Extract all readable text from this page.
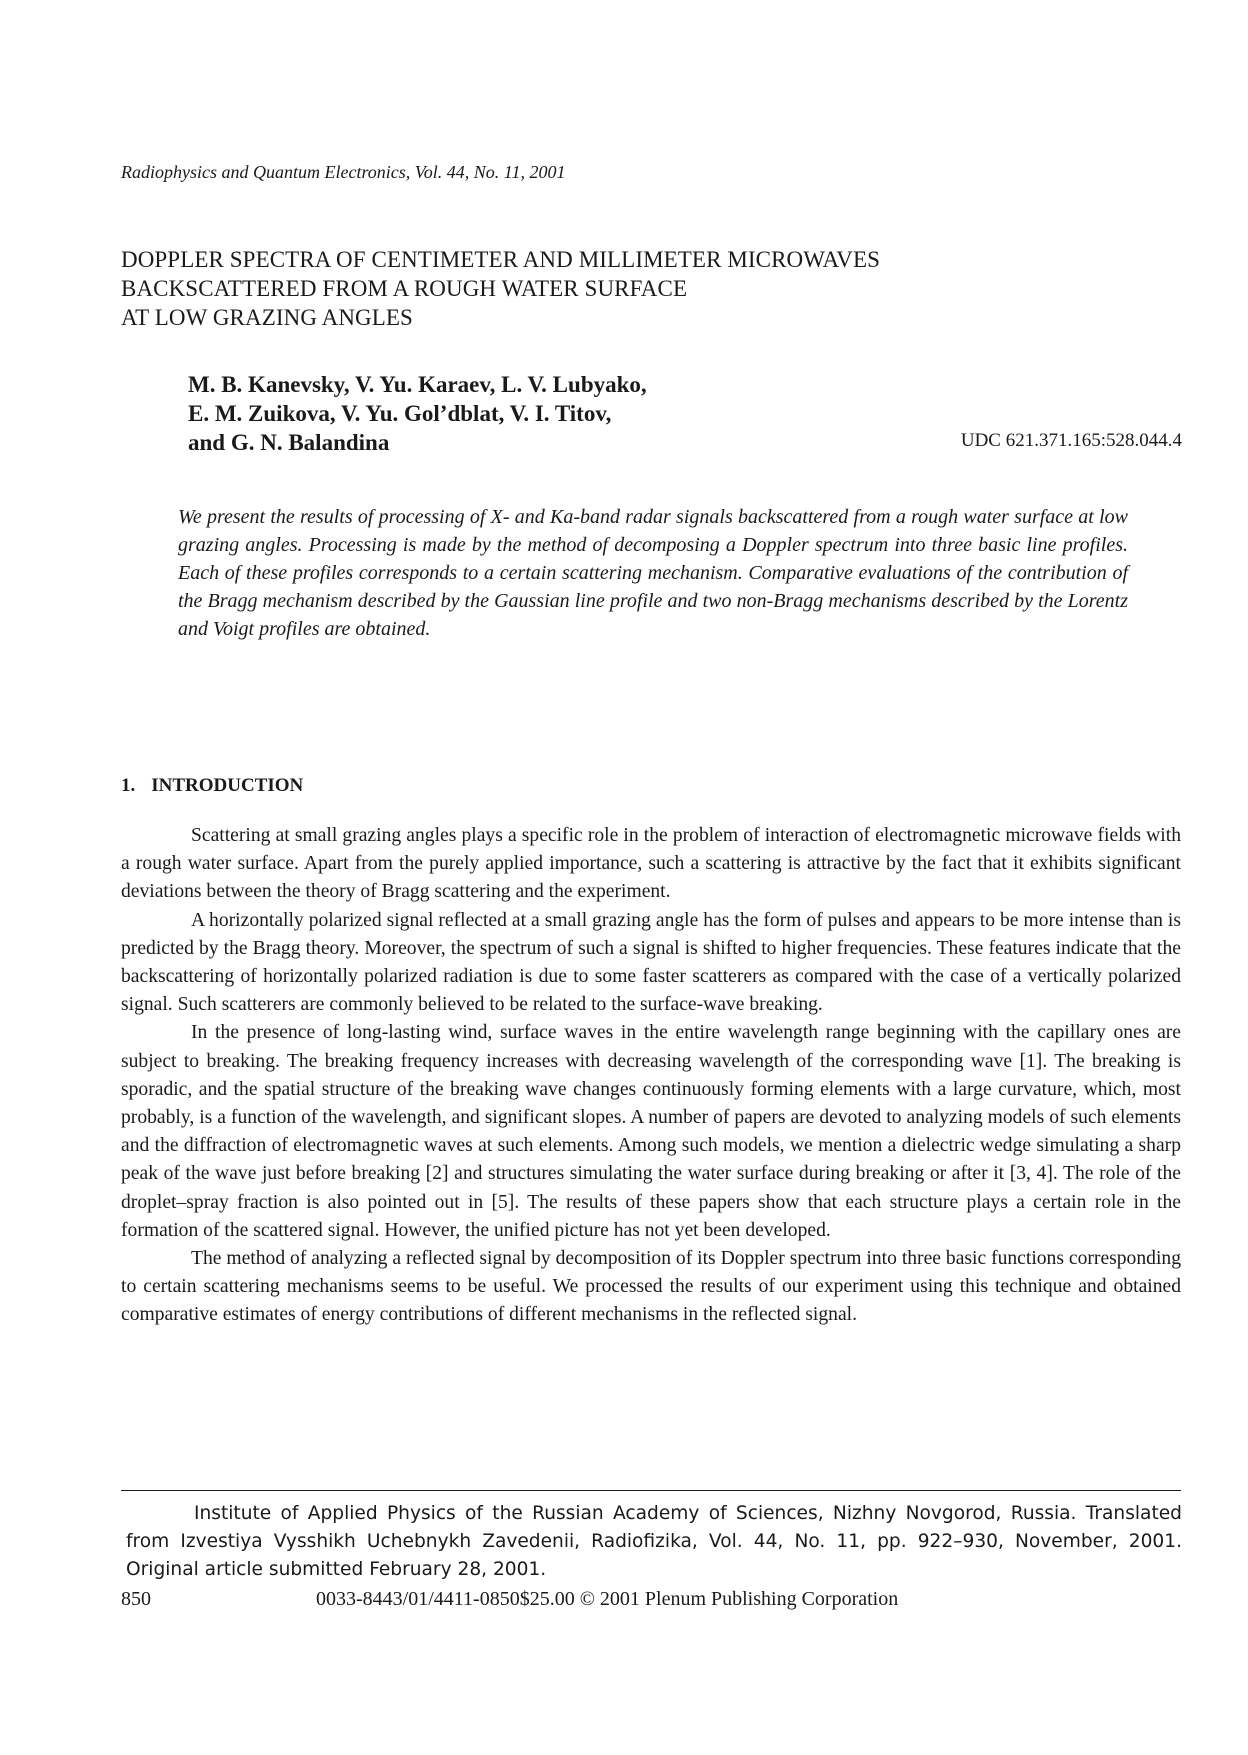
Radiophysics and Quantum Electronics, Vol. 44, No. 11, 2001
DOPPLER SPECTRA OF CENTIMETER AND MILLIMETER MICROWAVES
BACKSCATTERED FROM A ROUGH WATER SURFACE
AT LOW GRAZING ANGLES
M. B. Kanevsky, V. Yu. Karaev, L. V. Lubyako,
E. M. Zuikova, V. Yu. Gol’dblat, V. I. Titov,
and G. N. Balandina	UDC 621.371.165:528.044.4
We present the results of processing of X- and Ka-band radar signals backscattered from a rough water surface at low grazing angles. Processing is made by the method of decomposing a Doppler spectrum into three basic line profiles. Each of these profiles corresponds to a certain scattering mechanism. Comparative evaluations of the contribution of the Bragg mechanism described by the Gaussian line profile and two non-Bragg mechanisms described by the Lorentz and Voigt profiles are obtained.
1. INTRODUCTION

Scattering at small grazing angles plays a specific role in the problem of interaction of electromagnetic microwave fields with a rough water surface. Apart from the purely applied importance, such a scattering is attractive by the fact that it exhibits significant deviations between the theory of Bragg scattering and the experiment.

A horizontally polarized signal reflected at a small grazing angle has the form of pulses and appears to be more intense than is predicted by the Bragg theory. Moreover, the spectrum of such a signal is shifted to higher frequencies. These features indicate that the backscattering of horizontally polarized radiation is due to some faster scatterers as compared with the case of a vertically polarized signal. Such scatterers are commonly believed to be related to the surface-wave breaking.

In the presence of long-lasting wind, surface waves in the entire wavelength range beginning with the capillary ones are subject to breaking. The breaking frequency increases with decreasing wavelength of the corresponding wave [1]. The breaking is sporadic, and the spatial structure of the breaking wave changes continuously forming elements with a large curvature, which, most probably, is a function of the wavelength, and significant slopes. A number of papers are devoted to analyzing models of such elements and the diffraction of electromagnetic waves at such elements. Among such models, we mention a dielectric wedge simulating a sharp peak of the wave just before breaking [2] and structures simulating the water surface during breaking or after it [3, 4]. The role of the droplet–spray fraction is also pointed out in [5]. The results of these papers show that each structure plays a certain role in the formation of the scattered signal. However, the unified picture has not yet been developed.

The method of analyzing a reflected signal by decomposition of its Doppler spectrum into three basic functions corresponding to certain scattering mechanisms seems to be useful. We processed the results of our experiment using this technique and obtained comparative estimates of energy contributions of different mechanisms in the reflected signal.

Institute of Applied Physics of the Russian Academy of Sciences, Nizhny Novgorod, Russia. Translated from Izvestiya Vysshikh Uchebnykh Zavedenii, Radiofizika, Vol. 44, No. 11, pp. 922–930, November, 2001. Original article submitted February 28, 2001.

850	0033-8443/01/4411-0850$25.00 © 2001 Plenum Publishing Corporation
